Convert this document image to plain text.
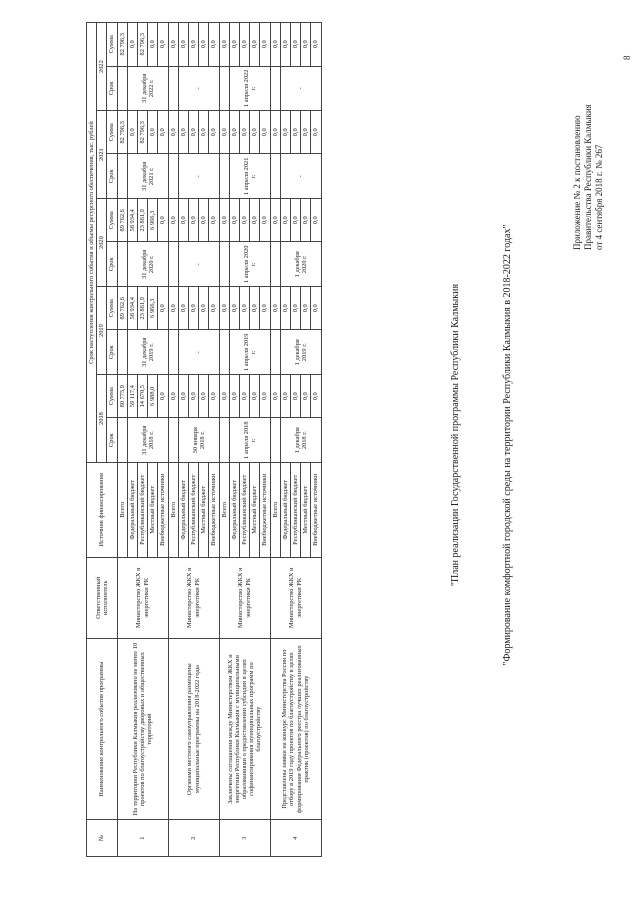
Приложение № 2 к постановлению Правительства Республики Калмыкия от 4 сентября 2018 г. № 267
"План реализации Государственной программы Республики Калмыкия	"Формирование комфортной городской среды на территории Республики Калмыкия в 2018-2022 годах"
8
№	Наименование контрольного события программы	Ответственный исполнитель	Источник финансирования	Срок наступления контрольного события и объемы ресурсного обеспечения, тыс. рублей									
				2018		2019		2020		2021		2022	
				Срок	Сумма	Срок	Сумма	Срок	Сумма	Срок	Сумма	Срок	Сумма
1	На территории Республики Калмыкия реализовано не менее 10 проектов по благоустройству дворовых и общественных территорий	Министерство ЖКХ и энергетики РК	Всего		80 775,9		89 762,6		89 762,6		82 796,3		82 796,3
			Федеральный бюджет	31 декабря 2018 г.	59 117,4	31 декабря 2019 г.	58 934,4	31 декабря 2020 г.	58 934,4	31 декабря 2021 г.	0,0	31 декабря 2022 г.	0,0
			Республиканский бюджет		14 670,5		23 861,9		23 861,9		82 796,3		82 796,3
			Местный бюджет		6 988,0		6 966,3		6 966,3		0,0		0,0
			Внебюджетные источники		0,0		0,0		0,0		0,0		0,0
2	Органами местного самоуправления размещены муниципальные программы на 2018-2022 годы	Министерство ЖКХ и энергетики РК	Всего		0,0		0,0		0,0		0,0		0,0
			Федеральный бюджет	30 января 2018 г.	0,0	-	0,0	-	0,0	-	0,0	-	0,0
			Республиканский бюджет		0,0		0,0		0,0		0,0		0,0
			Местный бюджет		0,0		0,0		0,0		0,0		0,0
			Внебюджетные источники		0,0		0,0		0,0		0,0		0,0
3	Заключены соглашения между Министерством ЖКХ и энергетики Республики Калмыкия с муниципальными образованиями о предоставлении субсидии в целях софинансирования муниципальных программ по благоустройству	Министерство ЖКХ и энергетики РК	Всего		0,0		0,0		0,0		0,0		0,0
			Федеральный бюджет	1 апреля 2018 г.	0,0	1 апреля 2019 г.	0,0	1 апреля 2020 г.	0,0	1 апреля 2021 г.	0,0	1 апреля 2022 г.	0,0
			Республиканский бюджет		0,0		0,0		0,0		0,0		0,0
			Местный бюджет		0,0		0,0		0,0		0,0		0,0
			Внебюджетные источники		0,0		0,0		0,0		0,0		0,0
4	Представлены заявки на конкурс Министерства России по отбору в 2019 году проектов по благоустройству в целях формирования Федерального реестра лучших реализованных практик (проектов) по благоустройству	Министерство ЖКХ и энергетики РК	Всего		0,0		0,0		0,0		0,0		0,0
			Федеральный бюджет	1 декабря 2018 г.	0,0	1 декабря 2019 г.	0,0	1 декабря 2020 г.	0,0	-	0,0	-	0,0
			Республиканский бюджет		0,0		0,0		0,0		0,0		0,0
			Местный бюджет		0,0		0,0		0,0		0,0		0,0
			Внебюджетные источники		0,0		0,0		0,0		0,0		0,0
